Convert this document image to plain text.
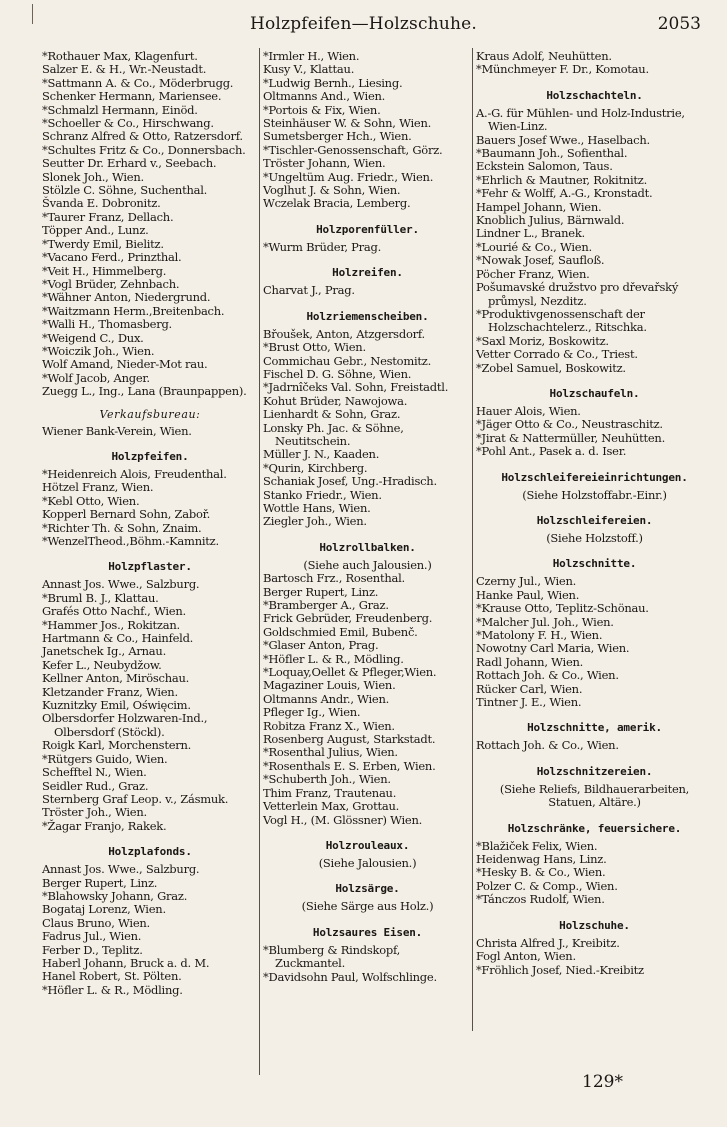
Holzpfeifen—Holzschuhe.	2053
*Rothauer Max, Klagenfurt.
Salzer E. & H., Wr.-Neustadt.
*Sattmann A. & Co., Möderbrugg.
Schenker Hermann, Mariensee.
*Schmalzl Hermann, Einöd.
*Schoeller & Co., Hirschwang.
Schranz Alfred & Otto, Ratzersdorf.
*Schultes Fritz & Co., Donnersbach.
Seutter Dr. Erhard v., Seebach.
Slonek Joh., Wien.
Stölzle C. Söhne, Suchenthal.
Švanda E. Dobronitz.
*Taurer Franz, Dellach.
Töpper And., Lunz.
*Twerdy Emil, Bielitz.
*Vacano Ferd., Prinzthal.
*Veit H., Himmelberg.
*Vogl Brüder, Zehnbach.
*Wähner Anton, Niedergrund.
*Waitzmann Herm.,Breitenbach.
*Walli H., Thomasberg.
*Weigend C., Dux.
*Woiczik Joh., Wien.
Wolf Amand, Nieder-Mot rau.
*Wolf Jacob, Anger.
Zuegg L., Ing., Lana (Braunpappen).
Verkaufsbureau:
Wiener Bank-Verein, Wien.
Holzpfeifen.
*Heidenreich Alois, Freudenthal.
Hötzel Franz, Wien.
*Kebl Otto, Wien.
Kopperl Bernard Sohn, Zaboř.
*Richter Th. & Sohn, Znaim.
*WenzelTheod.,Böhm.-Kamnitz.
Holzpflaster.
Annast Jos. Wwe., Salzburg.
*Bruml B. J., Klattau.
Grafés Otto Nachf., Wien.
*Hammer Jos., Rokitzan.
Hartmann & Co., Hainfeld.
Janetschek Ig., Arnau.
Kefer L., Neubydžow.
Kellner Anton, Miröschau.
Kletzander Franz, Wien.
Kuznitzky Emil, Oświęcim.
Olbersdorfer Holzwaren-Ind., Olbersdorf (Stöckl).
Roigk Karl, Morchenstern.
*Rütgers Guido, Wien.
Schefftel N., Wien.
Seidler Rud., Graz.
Sternberg Graf Leop. v., Zásmuk.
Tröster Joh., Wien.
*Žagar Franjo, Rakek.
Holzplafonds.
Annast Jos. Wwe., Salzburg.
Berger Rupert, Linz.
*Blahowsky Johann, Graz.
Bogataj Lorenz, Wien.
Claus Bruno, Wien.
Fadrus Jul., Wien.
Ferber D., Teplitz.
Haberl Johann, Bruck a. d. M.
Hanel Robert, St. Pölten.
*Höfler L. & R., Mödling.
*Irmler H., Wien.
Kusy V., Klattau.
*Ludwig Bernh., Liesing.
Oltmanns And., Wien.
*Portois & Fix, Wien.
Steinhäuser W. & Sohn, Wien.
Sumetsberger Hch., Wien.
*Tischler-Genossenschaft, Görz.
Tröster Johann, Wien.
*Ungeltüm Aug. Friedr., Wien.
Voglhut J. & Sohn, Wien.
Wczelak Bracia, Lemberg.
Holzporenfüller.
*Wurm Brüder, Prag.
Holzreifen.
Charvat J., Prag.
Holzriemenscheiben.
Břoušek, Anton, Atzgersdorf.
*Brust Otto, Wien.
Commichau Gebr., Nestomitz.
Fischel D. G. Söhne, Wien.
*Jadrnîčeks Val. Sohn, Freistadtl.
Kohut Brüder, Nawojowa.
Lienhardt & Sohn, Graz.
Lonsky Ph. Jac. & Söhne, Neutitschein.
Müller J. N., Kaaden.
*Qurin, Kirchberg.
Schaniak Josef, Ung.-Hradisch.
Stanko Friedr., Wien.
Wottle Hans, Wien.
Ziegler Joh., Wien.
Holzrollbalken.
(Siehe auch Jalousien.)
Bartosch Frz., Rosenthal.
Berger Rupert, Linz.
*Bramberger A., Graz.
Frick Gebrüder, Freudenberg.
Goldschmied Emil, Bubenč.
*Glaser Anton, Prag.
*Höfler L. & R., Mödling.
*Loquay,Oellet & Pfleger,Wien.
Magaziner Louis, Wien.
Oltmanns Andr., Wien.
Pfleger Ig., Wien.
Robitza Franz X., Wien.
Rosenberg August, Starkstadt.
*Rosenthal Julius, Wien.
*Rosenthals E. S. Erben, Wien.
*Schuberth Joh., Wien.
Thim Franz, Trautenau.
Vetterlein Max, Grottau.
Vogl H., (M. Glössner) Wien.
Holzrouleaux.
(Siehe Jalousien.)
Holzsärge.
(Siehe Särge aus Holz.)
Holzsaures Eisen.
*Blumberg & Rindskopf, Zuckmantel.
*Davidsohn Paul, Wolfschlinge.
Kraus Adolf, Neuhütten.
*Münchmeyer F. Dr., Komotau.
Holzschachteln.
A.-G. für Mühlen- und Holz-Industrie, Wien-Linz.
Bauers Josef Wwe., Haselbach.
*Baumann Joh., Sofienthal.
Eckstein Salomon, Taus.
*Ehrlich & Mautner, Rokitnitz.
*Fehr & Wolff, A.-G., Kronstadt.
Hampel Johann, Wien.
Knoblich Julius, Bärnwald.
Lindner L., Branek.
*Lourié & Co., Wien.
*Nowak Josef, Saufloß.
Pöcher Franz, Wien.
Pošumavské družstvo pro dřevařský průmysl, Nezditz.
*Produktivgenossenschaft der Holzschachtelerz., Ritschka.
*Saxl Moriz, Boskowitz.
Vetter Corrado & Co., Triest.
*Zobel Samuel, Boskowitz.
Holzschaufeln.
Hauer Alois, Wien.
*Jäger Otto & Co., Neustraschitz.
*Jirat & Nattermüller, Neuhütten.
*Pohl Ant., Pasek a. d. Iser.
Holzschleifereieinrichtungen.
(Siehe Holzstoffabr.-Einr.)
Holzschleifereien.
(Siehe Holzstoff.)
Holzschnitte.
Czerny Jul., Wien.
Hanke Paul, Wien.
*Krause Otto, Teplitz-Schönau.
*Malcher Jul. Joh., Wien.
*Matolony F. H., Wien.
Nowotny Carl Maria, Wien.
Radl Johann, Wien.
Rottach Joh. & Co., Wien.
Rücker Carl, Wien.
Tintner J. E., Wien.
Holzschnitte, amerik.
Rottach Joh. & Co., Wien.
Holzschnitzereien.
(Siehe Reliefs, Bildhauerarbeiten, Statuen, Altäre.)
Holzschränke, feuersichere.
*Blažiček Felix, Wien.
Heidenwag Hans, Linz.
*Hesky B. & Co., Wien.
Polzer C. & Comp., Wien.
*Tánczos Rudolf, Wien.
Holzschuhe.
Christa Alfred J., Kreibitz.
Fogl Anton, Wien.
*Fröhlich Josef, Nied.-Kreibitz
129*
